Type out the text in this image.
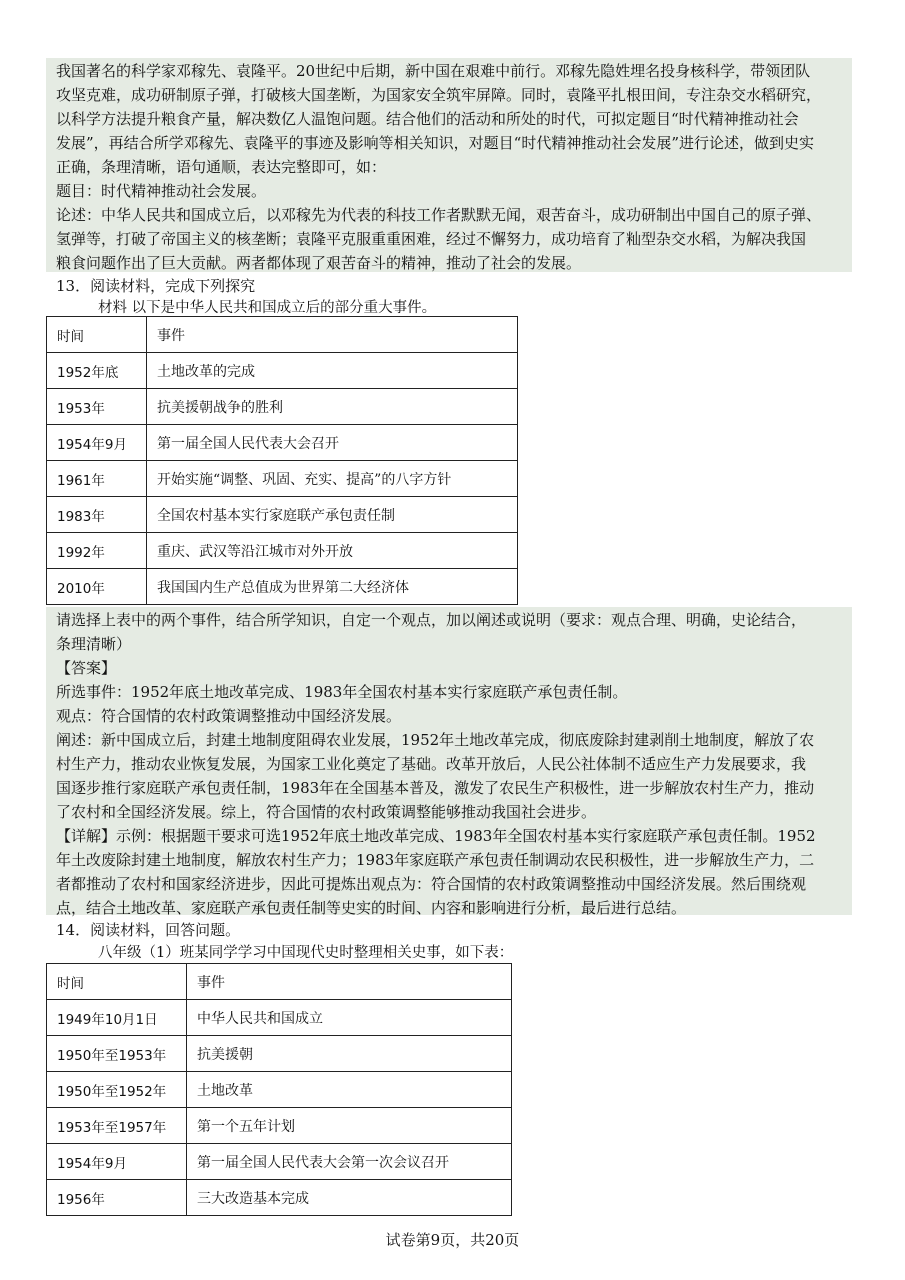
我国著名的科学家邓稼先、袁隆平。20世纪中后期，新中国在艰难中前行。邓稼先隐姓埋名投身核科学，带领团队
攻坚克难，成功研制原子弹，打破核大国垄断，为国家安全筑牢屏障。同时，袁隆平扎根田间，专注杂交水稻研究，
以科学方法提升粮食产量，解决数亿人温饱问题。结合他们的活动和所处的时代，可拟定题目“时代精神推动社会
发展”，再结合所学邓稼先、袁隆平的事迹及影响等相关知识，对题目“时代精神推动社会发展”进行论述，做到史实
正确，条理清晰，语句通顺，表达完整即可，如：
题目：时代精神推动社会发展。
论述：中华人民共和国成立后，以邓稼先为代表的科技工作者默默无闻，艰苦奋斗，成功研制出中国自己的原子弹、
氢弹等，打破了帝国主义的核垄断；袁隆平克服重重困难，经过不懈努力，成功培育了籼型杂交水稻，为解决我国
粮食问题作出了巨大贡献。两者都体现了艰苦奋斗的精神，推动了社会的发展。
13．阅读材料，完成下列探究
材料 以下是中华人民共和国成立后的部分重大事件。
时间	事件
1952年底	土地改革的完成
1953年	抗美援朝战争的胜利
1954年9月	第一届全国人民代表大会召开
1961年	开始实施“调整、巩固、充实、提高”的八字方针
1983年	全国农村基本实行家庭联产承包责任制
1992年	重庆、武汉等沿江城市对外开放
2010年	我国国内生产总值成为世界第二大经济体
请选择上表中的两个事件，结合所学知识，自定一个观点，加以阐述或说明（要求：观点合理、明确，史论结合，
条理清晰）
【答案】
所选事件：1952年底土地改革完成、1983年全国农村基本实行家庭联产承包责任制。
观点：符合国情的农村政策调整推动中国经济发展。
阐述：新中国成立后，封建土地制度阻碍农业发展，1952年土地改革完成，彻底废除封建剥削土地制度，解放了农
村生产力，推动农业恢复发展，为国家工业化奠定了基础。改革开放后，人民公社体制不适应生产力发展要求，我
国逐步推行家庭联产承包责任制，1983年在全国基本普及，激发了农民生产积极性，进一步解放农村生产力，推动
了农村和全国经济发展。综上，符合国情的农村政策调整能够推动我国社会进步。
【详解】示例：根据题干要求可选1952年底土地改革完成、1983年全国农村基本实行家庭联产承包责任制。1952
年土改废除封建土地制度，解放农村生产力；1983年家庭联产承包责任制调动农民积极性，进一步解放生产力，二
者都推动了农村和国家经济进步，因此可提炼出观点为：符合国情的农村政策调整推动中国经济发展。然后围绕观
点，结合土地改革、家庭联产承包责任制等史实的时间、内容和影响进行分析，最后进行总结。
14．阅读材料，回答问题。
八年级（1）班某同学学习中国现代史时整理相关史事，如下表：
时间	事件
1949年10月1日	中华人民共和国成立
1950年至1953年	抗美援朝
1950年至1952年	土地改革
1953年至1957年	第一个五年计划
1954年9月	第一届全国人民代表大会第一次会议召开
1956年	三大改造基本完成
试卷第9页，共20页
